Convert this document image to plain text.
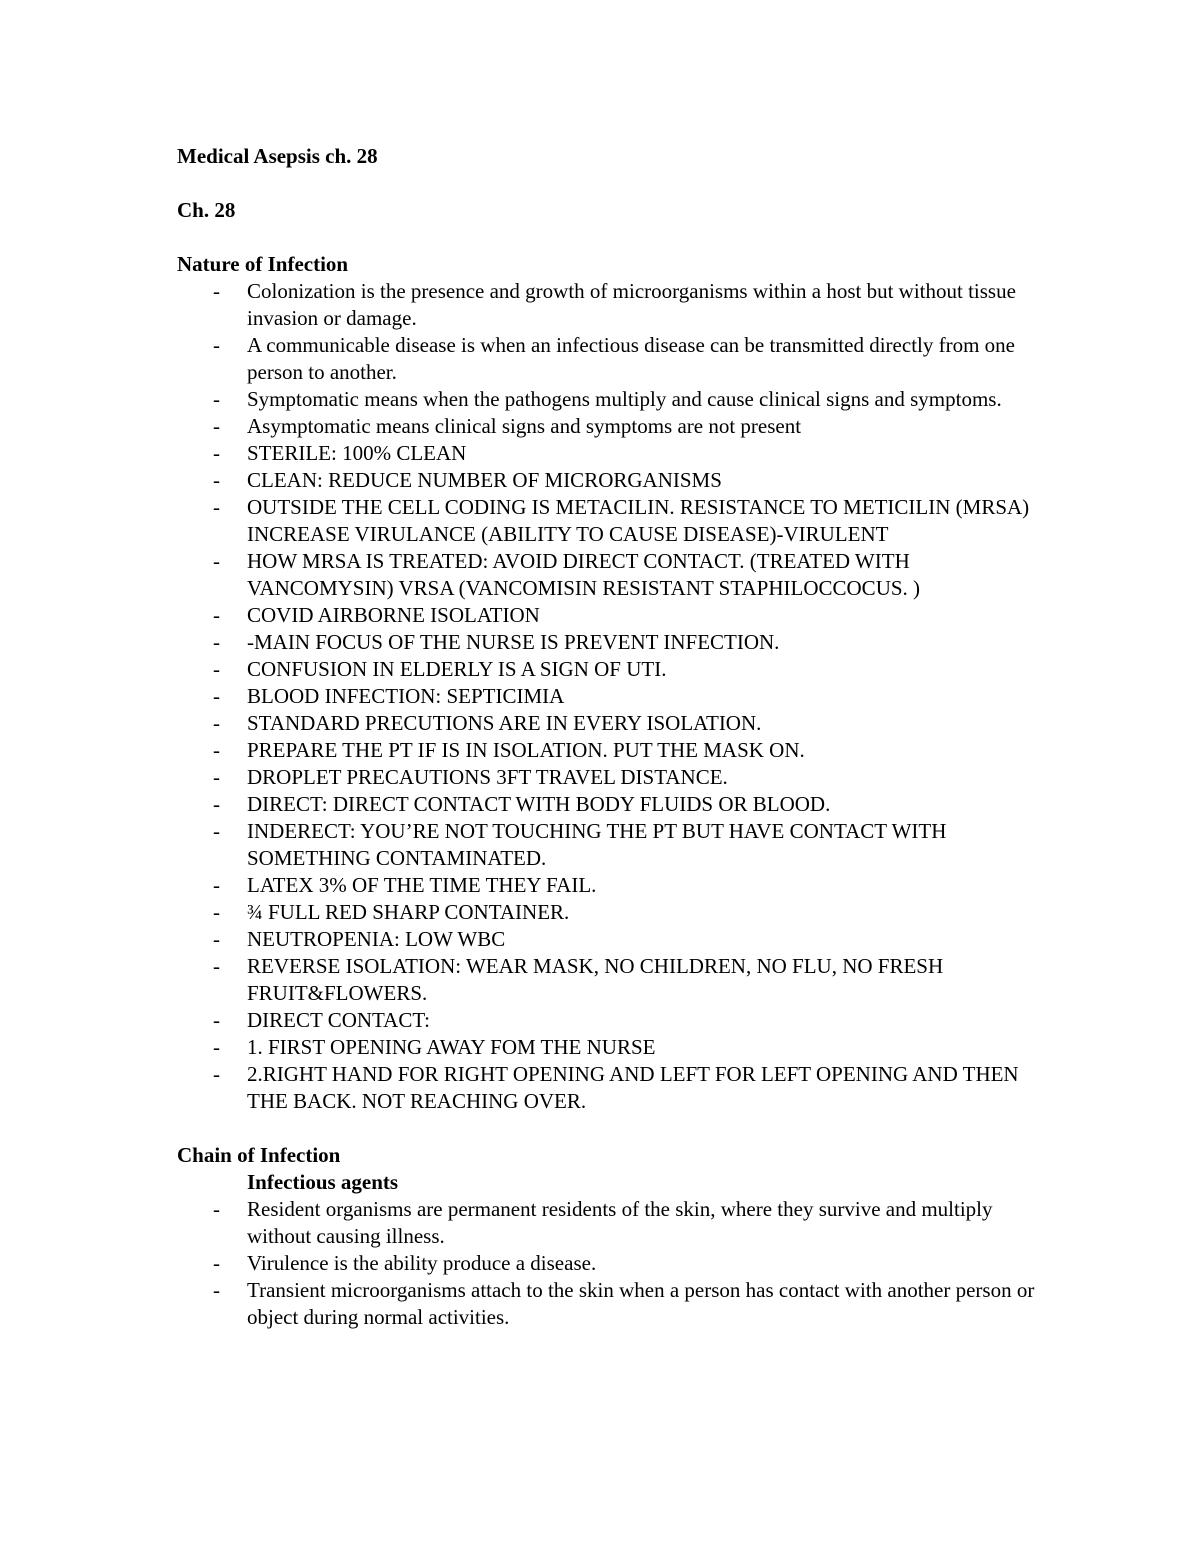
Medical Asepsis ch. 28

Ch. 28

Nature of Infection

- Colonization is the presence and growth of microorganisms within a host but without tissue invasion or damage.
- A communicable disease is when an infectious disease can be transmitted directly from one person to another.
- Symptomatic means when the pathogens multiply and cause clinical signs and symptoms.
- Asymptomatic means clinical signs and symptoms are not present
- STERILE: 100% CLEAN
- CLEAN: REDUCE NUMBER OF MICRORGANISMS
- OUTSIDE THE CELL CODING IS METACILIN. RESISTANCE TO METICILIN (MRSA) INCREASE VIRULANCE (ABILITY TO CAUSE DISEASE)-VIRULENT
- HOW MRSA IS TREATED: AVOID DIRECT CONTACT. (TREATED WITH VANCOMYSIN) VRSA (VANCOMISIN RESISTANT STAPHILOCCOCUS. )
- COVID AIRBORNE ISOLATION
- -MAIN FOCUS OF THE NURSE IS PREVENT INFECTION.
- CONFUSION IN ELDERLY IS A SIGN OF UTI.
- BLOOD INFECTION: SEPTICIMIA
- STANDARD PRECUTIONS ARE IN EVERY ISOLATION.
- PREPARE THE PT IF IS IN ISOLATION. PUT THE MASK ON.
- DROPLET PRECAUTIONS 3FT TRAVEL DISTANCE.
- DIRECT: DIRECT CONTACT WITH BODY FLUIDS OR BLOOD.
- INDERECT: YOU’RE NOT TOUCHING THE PT BUT HAVE CONTACT WITH SOMETHING CONTAMINATED.
- LATEX 3% OF THE TIME THEY FAIL.
- ¾ FULL RED SHARP CONTAINER.
- NEUTROPENIA: LOW WBC
- REVERSE ISOLATION: WEAR MASK, NO CHILDREN, NO FLU, NO FRESH FRUIT&FLOWERS.
- DIRECT CONTACT:
- 1. FIRST OPENING AWAY FOM THE NURSE
- 2.RIGHT HAND FOR RIGHT OPENING AND LEFT FOR LEFT OPENING AND THEN THE BACK. NOT REACHING OVER.

Chain of Infection

Infectious agents

- Resident organisms are permanent residents of the skin, where they survive and multiply without causing illness.
- Virulence is the ability produce a disease.
- Transient microorganisms attach to the skin when a person has contact with another person or object during normal activities.
